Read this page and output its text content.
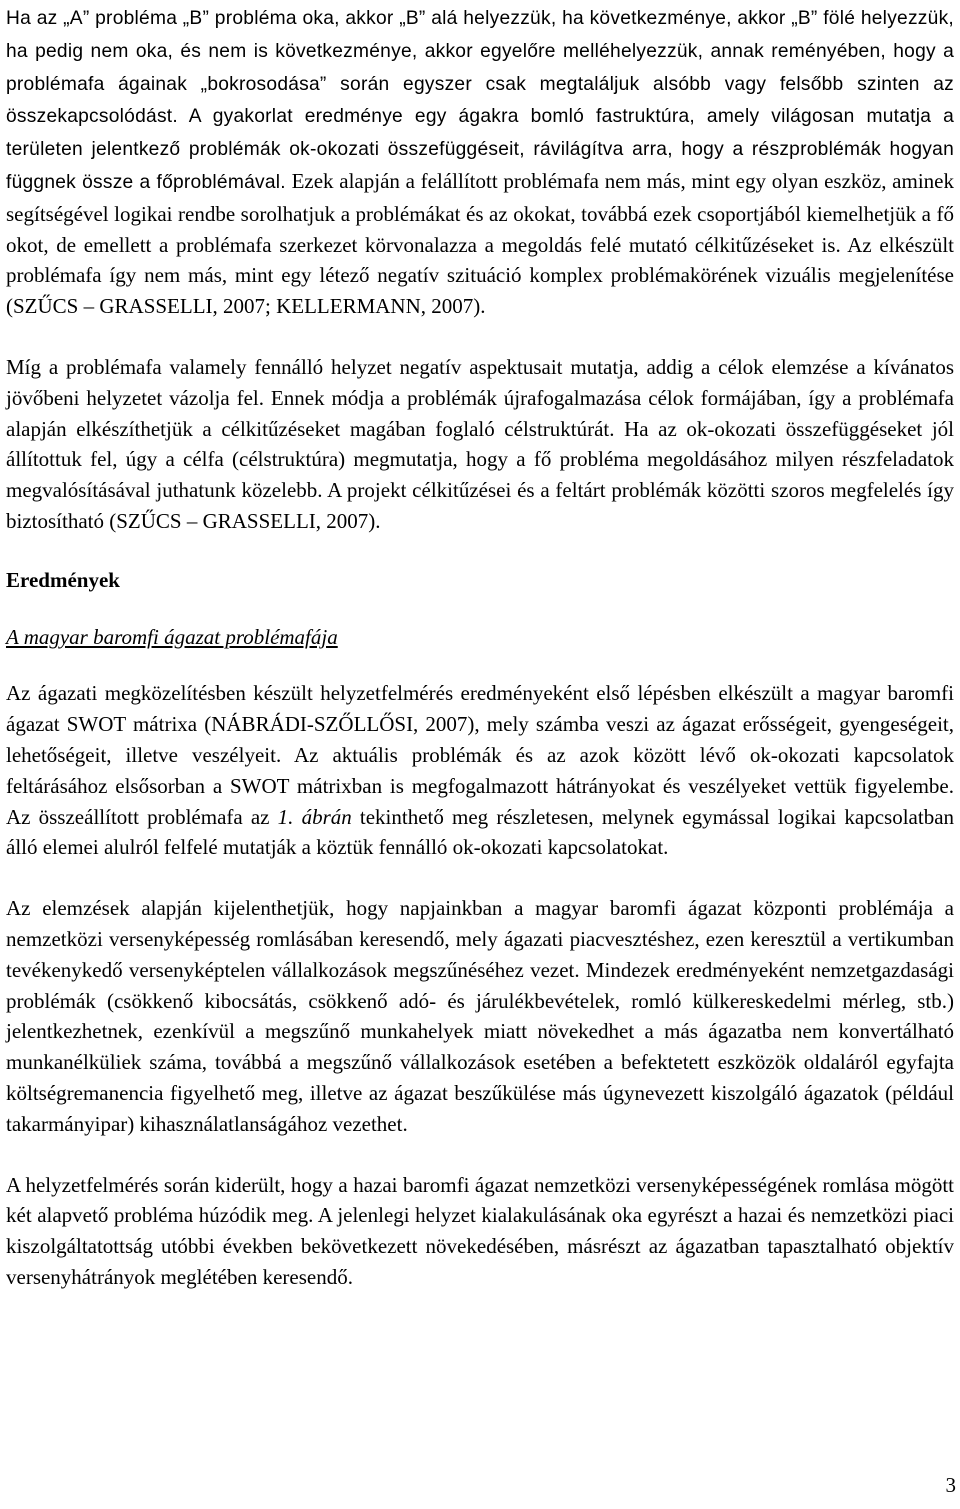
Ha az „A” probléma „B” probléma oka, akkor „B” alá helyezzük, ha következménye, akkor „B” fölé helyezzük, ha pedig nem oka, és nem is következménye, akkor egyelőre melléhelyezzük, annak reményében, hogy a problémafa ágainak „bokrosodása” során egyszer csak megtaláljuk alsóbb vagy felsőbb szinten az összekapcsolódást. A gyakorlat eredménye egy ágakra bomló fastruktúra, amely világosan mutatja a területen jelentkező problémák ok-okozati összefüggéseit, rávilágítva arra, hogy a részproblémák hogyan függnek össze a főproblémával. Ezek alapján a felállított problémafa nem más, mint egy olyan eszköz, aminek segítségével logikai rendbe sorolhatjuk a problémákat és az okokat, továbbá ezek csoportjából kiemelhetjük a fő okot, de emellett a problémafa szerkezet körvonalazza a megoldás felé mutató célkitűzéseket is. Az elkészült problémafa így nem más, mint egy létező negatív szituáció komplex problémakörének vizuális megjelenítése (SZŰCS – GRASSELLI, 2007; KELLERMANN, 2007).

Míg a problémafa valamely fennálló helyzet negatív aspektusait mutatja, addig a célok elemzése a kívánatos jövőbeni helyzetet vázolja fel. Ennek módja a problémák újrafogalmazása célok formájában, így a problémafa alapján elkészíthetjük a célkitűzéseket magában foglaló célstruktúrát. Ha az ok-okozati összefüggéseket jól állítottuk fel, úgy a célfa (célstruktúra) megmutatja, hogy a fő probléma megoldásához milyen részfeladatok megvalósításával juthatunk közelebb. A projekt célkitűzései és a feltárt problémák közötti szoros megfelelés így biztosítható (SZŰCS – GRASSELLI, 2007).

Eredmények
A magyar baromfi ágazat problémafája

Az ágazati megközelítésben készült helyzetfelmérés eredményeként első lépésben elkészült a magyar baromfi ágazat SWOT mátrixa (NÁBRÁDI-SZŐLLŐSI, 2007), mely számba veszi az ágazat erősségeit, gyengeségeit, lehetőségeit, illetve veszélyeit. Az aktuális problémák és az azok között lévő ok-okozati kapcsolatok feltárásához elsősorban a SWOT mátrixban is megfogalmazott hátrányokat és veszélyeket vettük figyelembe. Az összeállított problémafa az 1. ábrán tekinthető meg részletesen, melynek egymással logikai kapcsolatban álló elemei alulról felfelé mutatják a köztük fennálló ok-okozati kapcsolatokat.

Az elemzések alapján kijelenthetjük, hogy napjainkban a magyar baromfi ágazat központi problémája a nemzetközi versenyképesség romlásában keresendő, mely ágazati piacvesztéshez, ezen keresztül a vertikumban tevékenykedő versenyképtelen vállalkozások megszűnéséhez vezet. Mindezek eredményeként nemzetgazdasági problémák (csökkenő kibocsátás, csökkenő adó- és járulékbevételek, romló külkereskedelmi mérleg, stb.) jelentkezhetnek, ezenkívül a megszűnő munkahelyek miatt növekedhet a más ágazatba nem konvertálható munkanélküliek száma, továbbá a megszűnő vállalkozások esetében a befektetett eszközök oldaláról egyfajta költségremanencia figyelhető meg, illetve az ágazat beszűkülése más úgynevezett kiszolgáló ágazatok (például takarmányipar) kihasználatlanságához vezethet.

A helyzetfelmérés során kiderült, hogy a hazai baromfi ágazat nemzetközi versenyképességének romlása mögött két alapvető probléma húzódik meg. A jelenlegi helyzet kialakulásának oka egyrészt a hazai és nemzetközi piaci kiszolgáltatottság utóbbi években bekövetkezett növekedésében, másrészt az ágazatban tapasztalható objektív versenyhátrányok meglétében keresendő.

3
